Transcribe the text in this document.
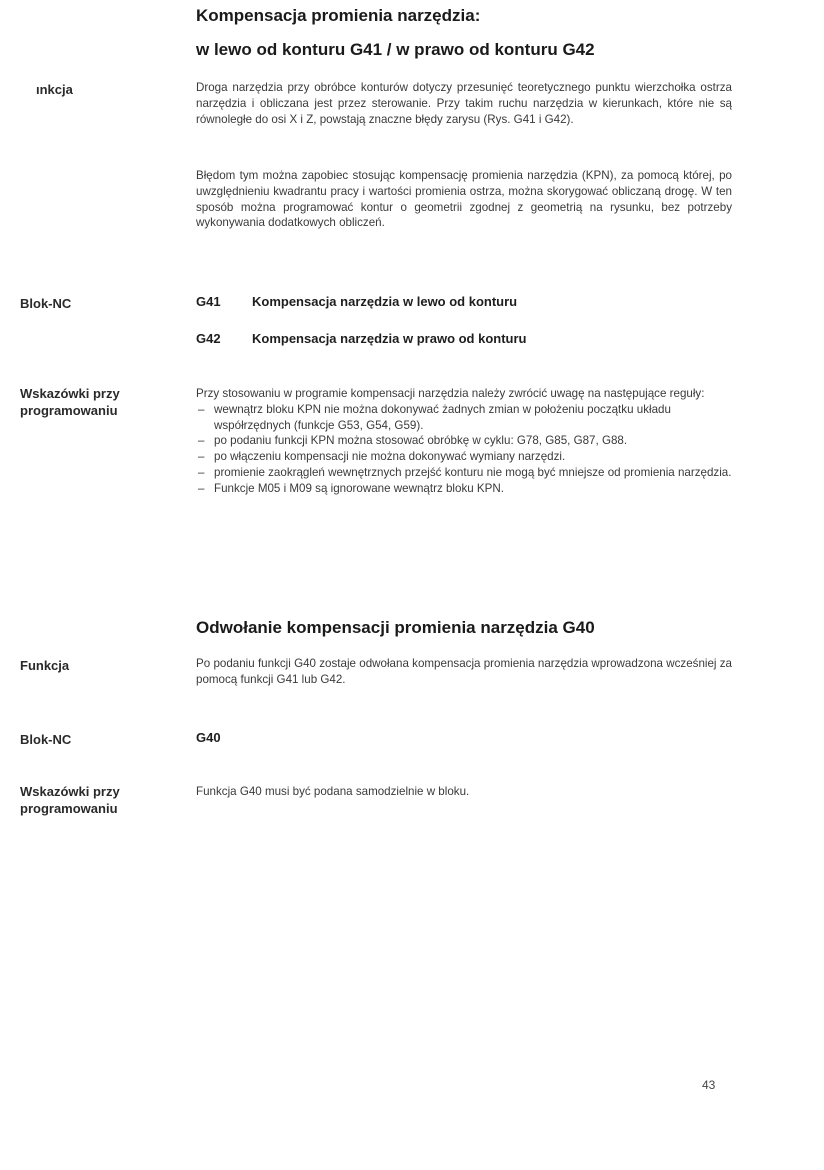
Kompensacja promienia narzędzia:
w lewo od konturu G41 / w prawo od konturu G42
ınkcja	Droga narzędzia przy obróbce konturów dotyczy przesunięć teoretycznego punktu wierzchołka ostrza narzędzia i obliczana jest przez sterowanie. Przy takim ruchu narzędzia w kierunkach, które nie są równoległe do osi X i Z, powstają znaczne błędy zarysu (Rys. G41 i G42).
Błędom tym można zapobiec stosując kompensację promienia narzędzia (KPN), za pomocą której, po uwzględnieniu kwadrantu pracy i wartości promienia ostrza, można skorygować obliczaną drogę. W ten sposób można programować kontur o geometrii zgodnej z geometrią na rysunku, bez potrzeby wykonywania dodatkowych obliczeń.
Blok-NC	G41 Kompensacja narzędzia w lewo od konturu
G42 Kompensacja narzędzia w prawo od konturu
Wskazówki przy
programowaniu
Przy stosowaniu w programie kompensacji narzędzia należy zwrócić uwagę na następujące reguły:
– wewnątrz bloku KPN nie można dokonywać żadnych zmian w położeniu początku układu współrzędnych (funkcje G53, G54, G59).
– po podaniu funkcji KPN można stosować obróbkę w cyklu: G78, G85, G87, G88.
– po włączeniu kompensacji nie można dokonywać wymiany narzędzi.
– promienie zaokrągleń wewnętrznych przejść konturu nie mogą być mniejsze od promienia narzędzia.
– Funkcje M05 i M09 są ignorowane wewnątrz bloku KPN.
Odwołanie kompensacji promienia narzędzia G40
Funkcja	Po podaniu funkcji G40 zostaje odwołana kompensacja promienia narzędzia wprowadzona wcześniej za pomocą funkcji G41 lub G42.
Blok-NC	G40
Wskazówki przy
programowaniu
Funkcja G40 musi być podana samodzielnie w bloku.
43
